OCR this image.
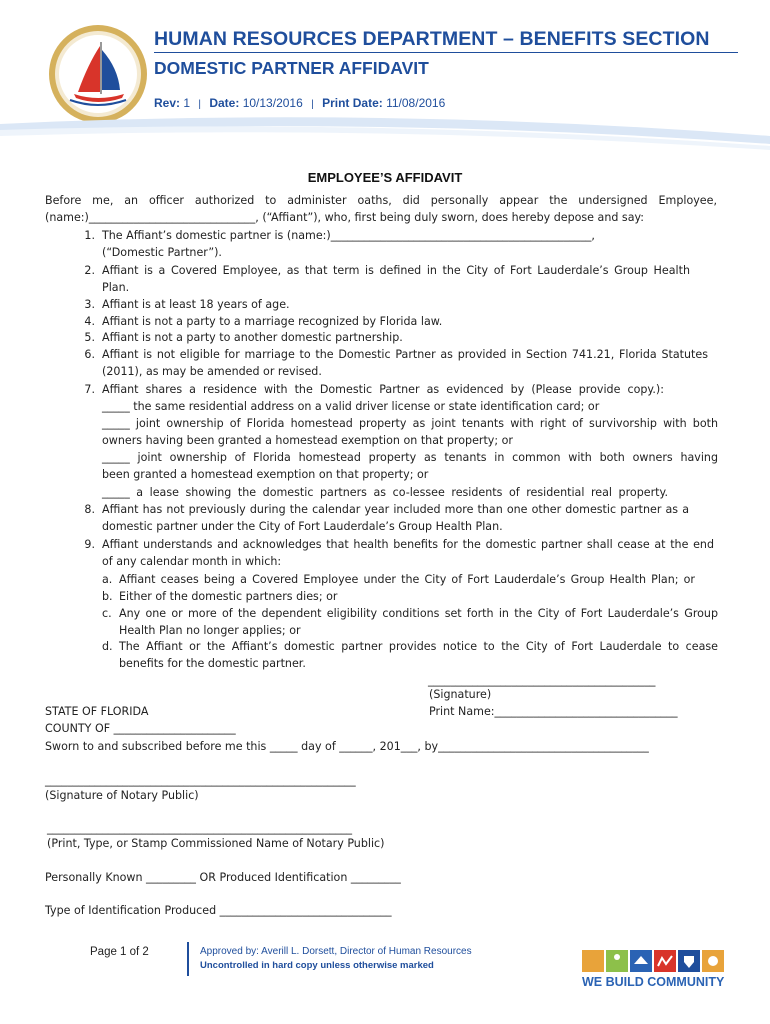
HUMAN RESOURCES DEPARTMENT – BENEFITS SECTION
DOMESTIC PARTNER AFFIDAVIT
Rev: 1 | Date: 10/13/2016 | Print Date: 11/08/2016
EMPLOYEE’S AFFIDAVIT
Before me, an officer authorized to administer oaths, did personally appear the undersigned Employee,
(name:)______________________________, (“Affiant”), who, first being duly sworn, does hereby depose and say:
1. The Affiant’s domestic partner is (name:)_______________________________________________,
(“Domestic Partner”).
2. Affiant is a Covered Employee, as that term is defined in the City of Fort Lauderdale’s Group Health
Plan.
3. Affiant is at least 18 years of age.
4. Affiant is not a party to a marriage recognized by Florida law.
5. Affiant is not a party to another domestic partnership.
6. Affiant is not eligible for marriage to the Domestic Partner as provided in Section 741.21, Florida Statutes
(2011), as may be amended or revised.
7. Affiant shares a residence with the Domestic Partner as evidenced by (Please provide copy.):
_____ the same residential address on a valid driver license or state identification card; or
_____ joint ownership of Florida homestead property as joint tenants with right of survivorship with both
owners having been granted a homestead exemption on that property; or
_____ joint ownership of Florida homestead property as tenants in common with both owners having
been granted a homestead exemption on that property; or
_____ a lease showing the domestic partners as co-lessee residents of residential real property.
8. Affiant has not previously during the calendar year included more than one other domestic partner as a
domestic partner under the City of Fort Lauderdale’s Group Health Plan.
9. Affiant understands and acknowledges that health benefits for the domestic partner shall cease at the end
of any calendar month in which:
a. Affiant ceases being a Covered Employee under the City of Fort Lauderdale’s Group Health Plan; or
b. Either of the domestic partners dies; or
c. Any one or more of the dependent eligibility conditions set forth in the City of Fort Lauderdale’s Group
Health Plan no longer applies; or
d. The Affiant or the Affiant’s domestic partner provides notice to the City of Fort Lauderdale to cease
benefits for the domestic partner.
_________________________________________
(Signature)
Print Name:_________________________________
STATE OF FLORIDA
COUNTY OF ______________________
Sworn to and subscribed before me this _____ day of ______, 201___, by______________________________________
________________________________________________________
(Signature of Notary Public)
_______________________________________________________
(Print, Type, or Stamp Commissioned Name of Notary Public)
Personally Known _________ OR Produced Identification _________
Type of Identification Produced _______________________________
Page 1 of 2	Approved by: Averill L. Dorsett, Director of Human Resources
Uncontrolled in hard copy unless otherwise marked
WE BUILD COMMUNITY
